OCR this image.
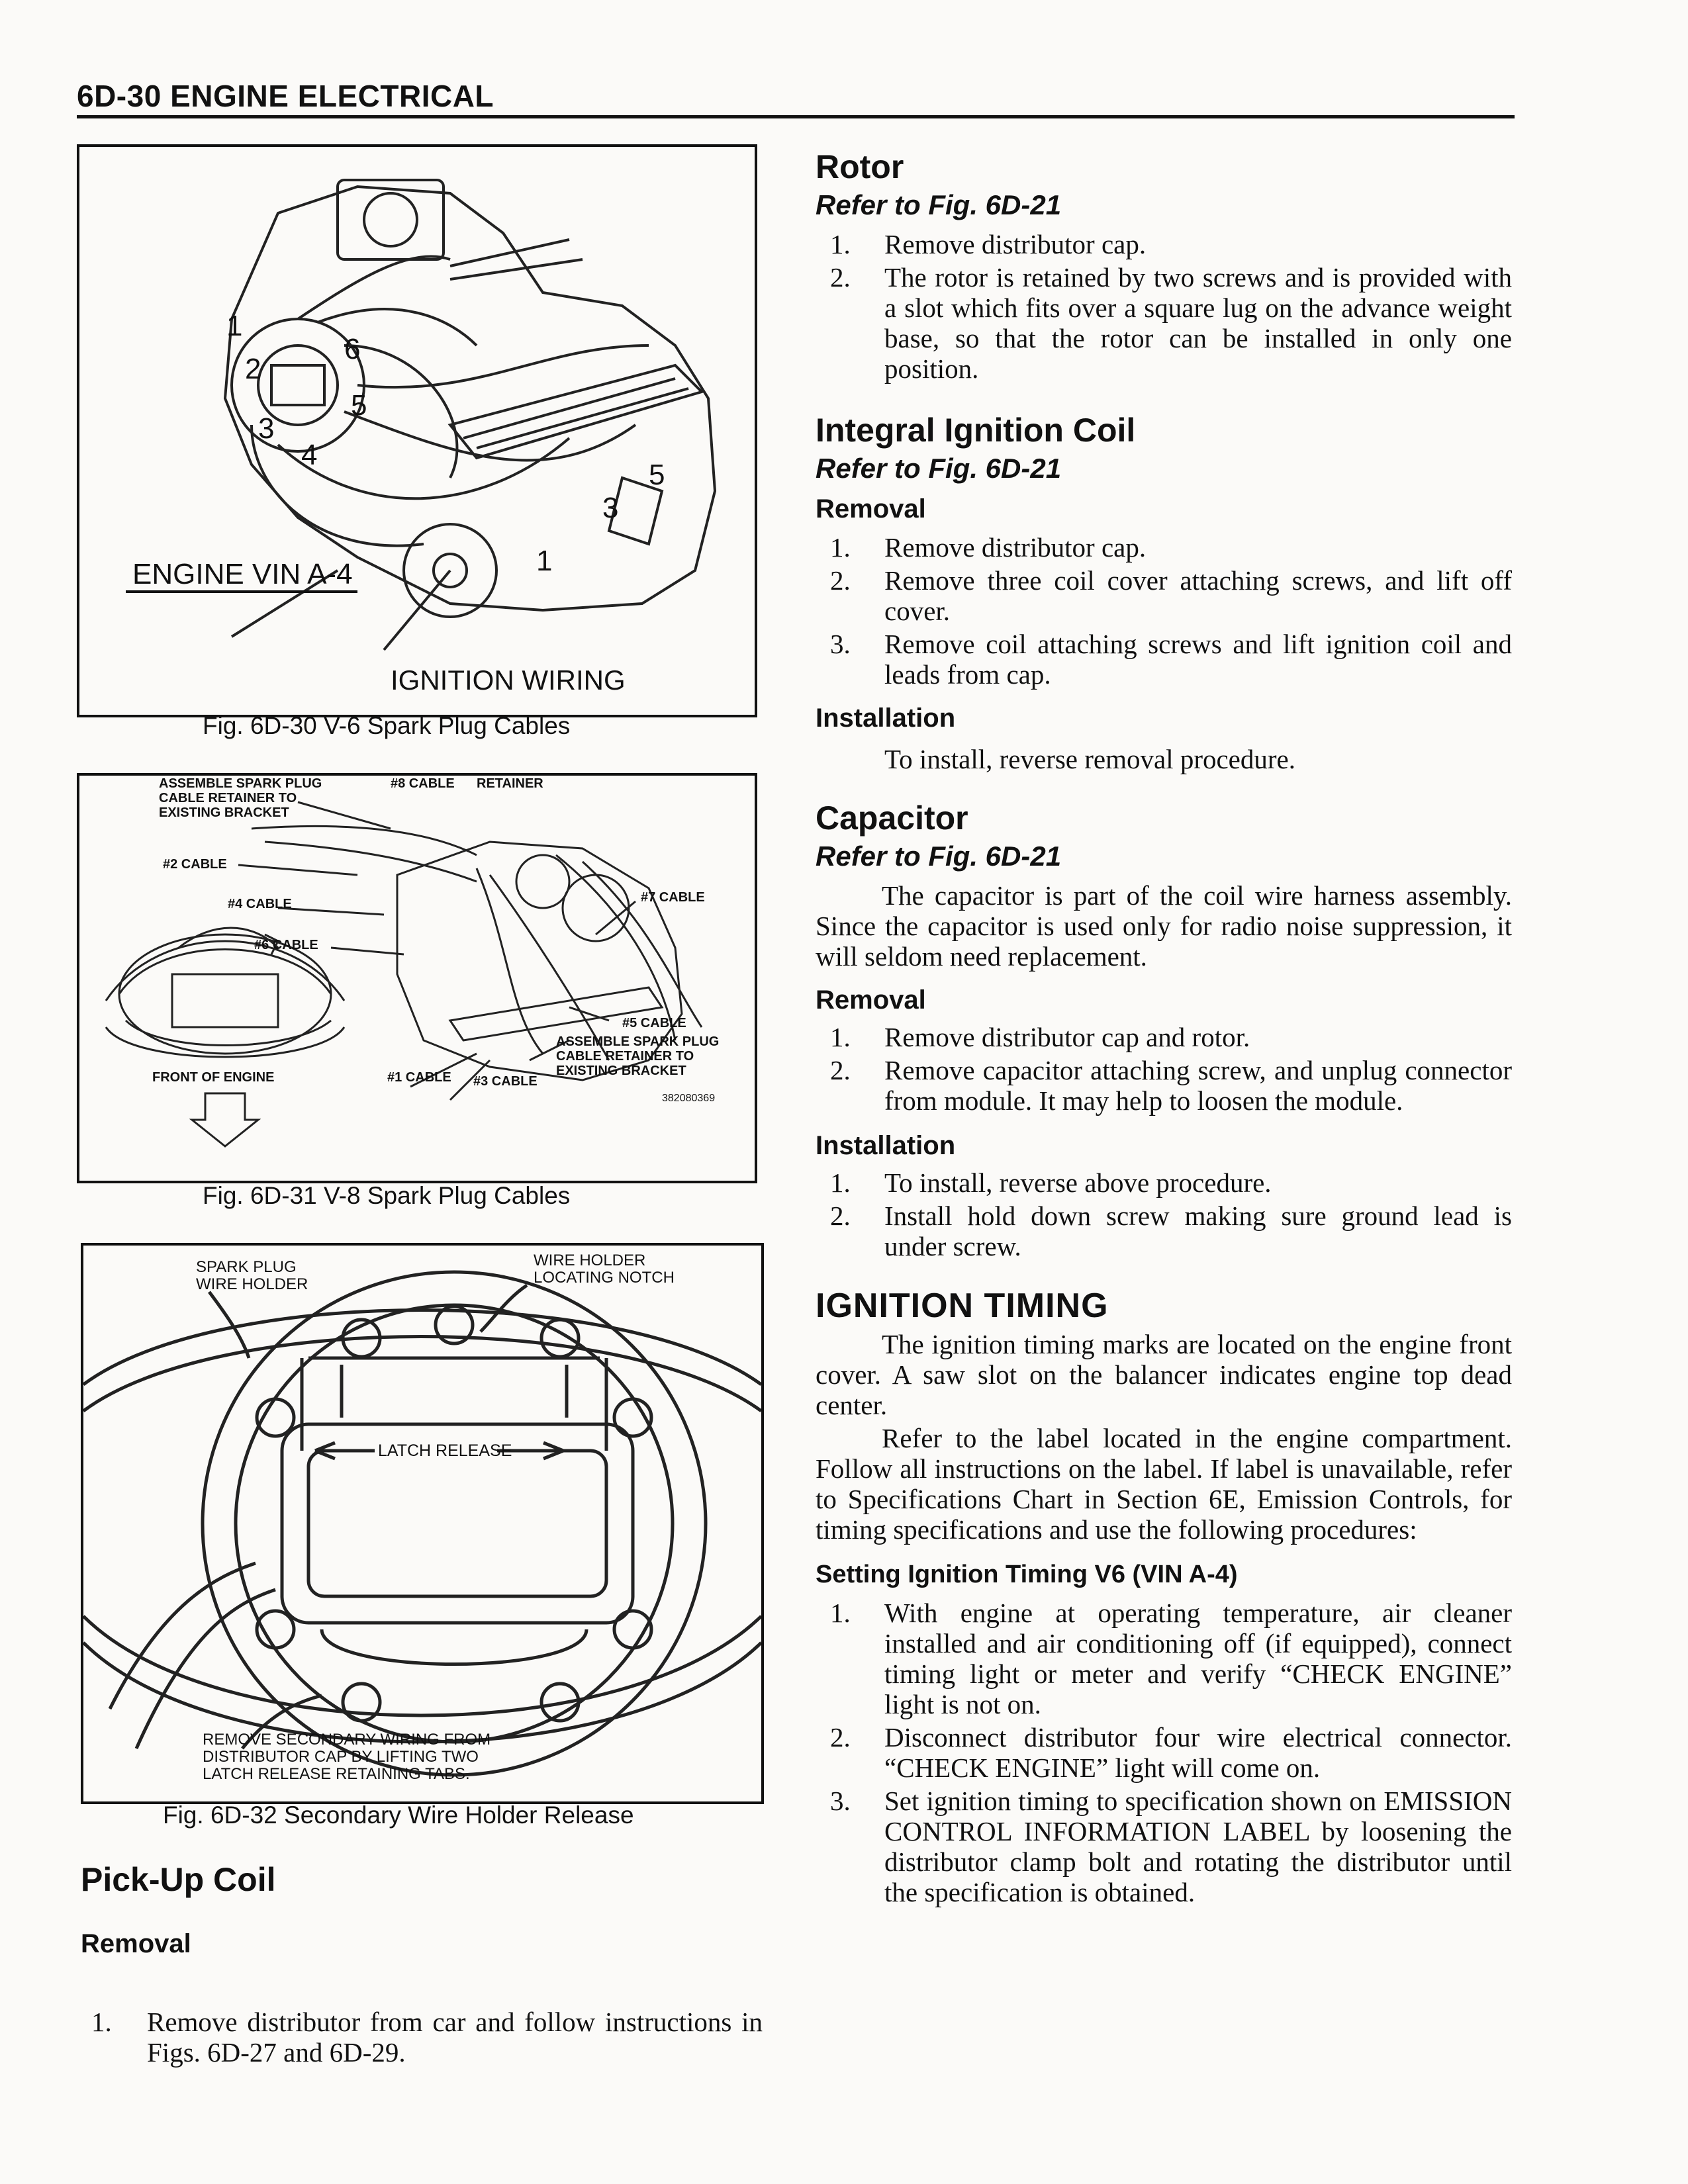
6D-30 ENGINE ELECTRICAL
1
2
3
4
5
6
5
3
1
ENGINE VIN A-4
IGNITION WIRING
Fig. 6D-30 V-6 Spark Plug Cables
ASSEMBLE SPARK PLUG
CABLE RETAINER TO
EXISTING BRACKET
#8 CABLE RETAINER
#2 CABLE
#4 CABLE
#6 CABLE
#7 CABLE
#5 CABLE
ASSEMBLE SPARK PLUG
CABLE RETAINER TO
EXISTING BRACKET
FRONT OF ENGINE	#1 CABLE #3 CABLE
382080369
Fig. 6D-31 V-8 Spark Plug Cables
SPARK PLUG
WIRE HOLDER
WIRE HOLDER
LOCATING NOTCH
LATCH RELEASE
REMOVE SECONDARY WIRING FROM
DISTRIBUTOR CAP BY LIFTING TWO
LATCH RELEASE RETAINING TABS.
Fig. 6D-32 Secondary Wire Holder Release
Pick-Up Coil
Removal
1. Remove distributor from car and follow instructions in Figs. 6D-27 and 6D-29.
Rotor
Refer to Fig. 6D-21
1. Remove distributor cap.
2. The rotor is retained by two screws and is provided with a slot which fits over a square lug on the advance weight base, so that the rotor can be installed in only one position.
Integral Ignition Coil
Refer to Fig. 6D-21
Removal
1. Remove distributor cap.
2. Remove three coil cover attaching screws, and lift off cover.
3. Remove coil attaching screws and lift ignition coil and leads from cap.
Installation

To install, reverse removal procedure.

Capacitor
Refer to Fig. 6D-21

The capacitor is part of the coil wire harness assembly. Since the capacitor is used only for radio noise suppression, it will seldom need replacement.

Removal
1. Remove distributor cap and rotor.
2. Remove capacitor attaching screw, and unplug connector from module. It may help to loosen the module.
Installation
1. To install, reverse above procedure.
2. Install hold down screw making sure ground lead is under screw.
IGNITION TIMING

The ignition timing marks are located on the engine front cover. A saw slot on the balancer indicates engine top dead center.

Refer to the label located in the engine compartment. Follow all instructions on the label. If label is unavailable, refer to Specifications Chart in Section 6E, Emission Controls, for timing specifications and use the following procedures:

Setting Ignition Timing V6 (VIN A-4)
1. With engine at operating temperature, air cleaner installed and air conditioning off (if equipped), connect timing light or meter and verify “CHECK ENGINE” light is not on.
2. Disconnect distributor four wire electrical connector. “CHECK ENGINE” light will come on.
3. Set ignition timing to specification shown on EMISSION CONTROL INFORMATION LABEL by loosening the distributor clamp bolt and rotating the distributor until the specification is obtained.
